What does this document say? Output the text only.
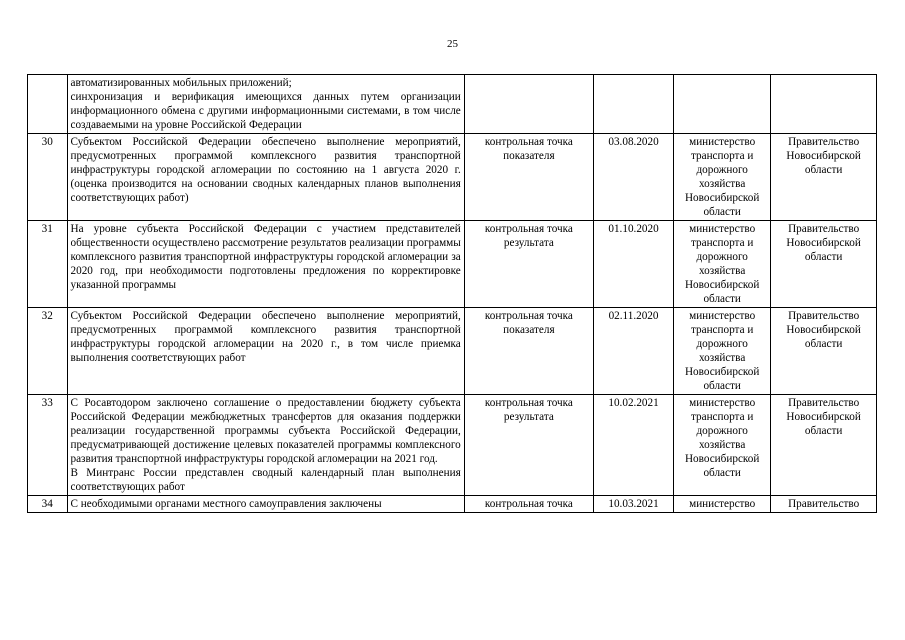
25

	автоматизированных мобильных приложений;
синхронизация и верификация имеющихся данных путем организации информационного обмена с другими информационными системами, в том числе создаваемыми на уровне Российской Федерации				

30	Субъектом Российской Федерации обеспечено выполнение мероприятий, предусмотренных программой комплексного развития транспортной инфраструктуры городской агломерации по состоянию на 1 августа 2020 г. (оценка производится на основании сводных календарных планов выполнения соответствующих работ)	контрольная точка показателя	03.08.2020	министерство транспорта и дорожного хозяйства Новосибирской области	Правительство Новосибирской области
31	На уровне субъекта Российской Федерации с участием представителей общественности осуществлено рассмотрение результатов реализации программы комплексного развития транспортной инфраструктуры городской агломерации за 2020 год, при необходимости подготовлены предложения по корректировке указанной программы	контрольная точка результата	01.10.2020	министерство транспорта и дорожного хозяйства Новосибирской области	Правительство Новосибирской области
32	Субъектом Российской Федерации обеспечено выполнение мероприятий, предусмотренных программой комплексного развития транспортной инфраструктуры городской агломерации на 2020 г., в том числе приемка выполнения соответствующих работ	контрольная точка показателя	02.11.2020	министерство транспорта и дорожного хозяйства Новосибирской области	Правительство Новосибирской области
33	С Росавтодором заключено соглашение о предоставлении бюджету субъекта Российской Федерации межбюджетных трансфертов для оказания поддержки реализации государственной программы субъекта Российской Федерации, предусматривающей достижение целевых показателей программы комплексного развития транспортной инфраструктуры городской агломерации на 2021 год.
В Минтранс России представлен сводный календарный план выполнения соответствующих работ	контрольная точка результата	10.02.2021	министерство транспорта и дорожного хозяйства Новосибирской области	Правительство Новосибирской области
34	С необходимыми органами местного самоуправления заключены	контрольная точка	10.03.2021	министерство	Правительство
